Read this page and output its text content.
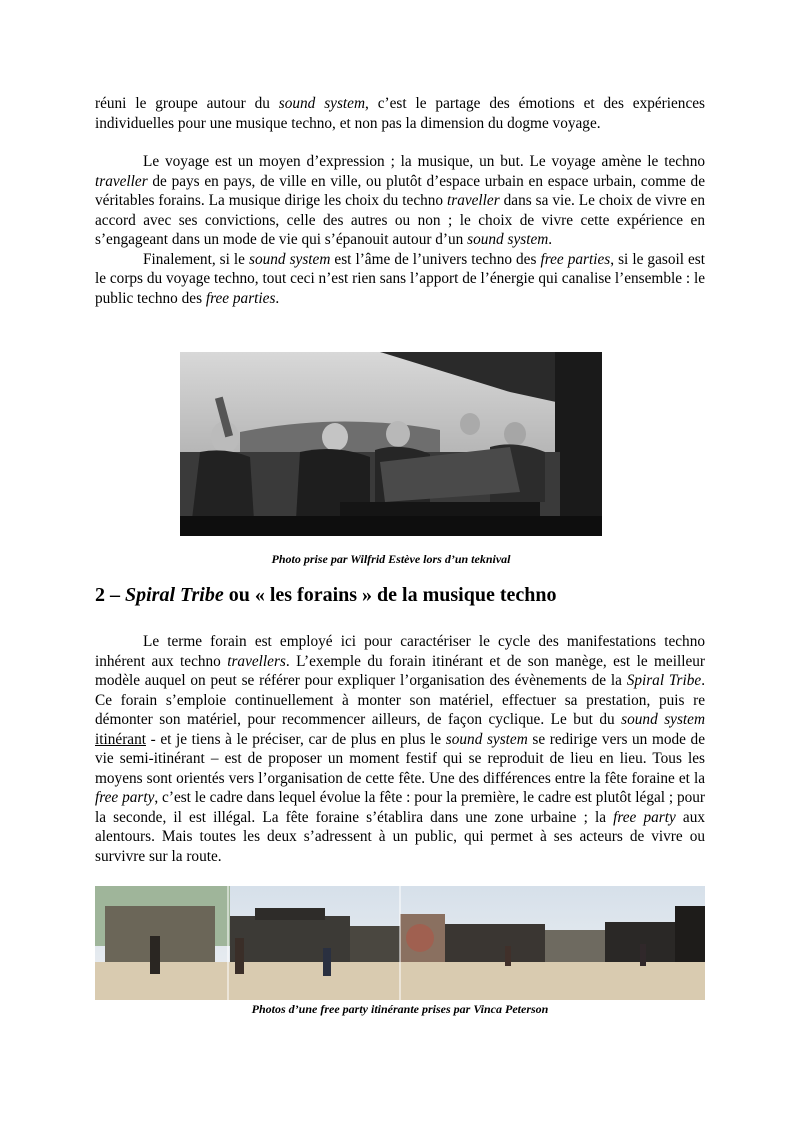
réuni le groupe autour du sound system, c’est le partage des émotions et des expériences individuelles pour une musique techno, et non pas la dimension du dogme voyage.

Le voyage est un moyen d’expression ; la musique, un but. Le voyage amène le techno traveller de pays en pays, de ville en ville, ou plutôt d’espace urbain en espace urbain, comme de véritables forains. La musique dirige les choix du techno traveller dans sa vie. Le choix de vivre en accord avec ses convictions, celle des autres ou non ; le choix de vivre cette expérience en s’engageant dans un mode de vie qui s’épanouit autour d’un sound system.

Finalement, si le sound system est l’âme de l’univers techno des free parties, si le gasoil est le corps du voyage techno, tout ceci n’est rien sans l’apport de l’énergie qui canalise l’ensemble : le public techno des free parties.

Photo prise par Wilfrid Estève lors d’un teknival
2 – Spiral Tribe ou « les forains » de la musique techno

Le terme forain est employé ici pour caractériser le cycle des manifestations techno inhérent aux techno travellers. L’exemple du forain itinérant et de son manège, est le meilleur modèle auquel on peut se référer pour expliquer l’organisation des évènements de la Spiral Tribe. Ce forain s’emploie continuellement à monter son matériel, effectuer sa prestation, puis re démonter son matériel, pour recommencer ailleurs, de façon cyclique. Le but du sound system itinérant - et je tiens à le préciser, car de plus en plus le sound system se redirige vers un mode de vie semi-itinérant – est de proposer un moment festif qui se reproduit de lieu en lieu. Tous les moyens sont orientés vers l’organisation de cette fête. Une des différences entre la fête foraine et la free party, c’est le cadre dans lequel évolue la fête : pour la première, le cadre est plutôt légal ; pour la seconde, il est illégal. La fête foraine s’établira dans une zone urbaine ; la free party aux alentours. Mais toutes les deux s’adressent à un public, qui permet à ses acteurs de vivre ou survivre sur la route.

Photos d’une free party itinérante prises par Vinca Peterson
